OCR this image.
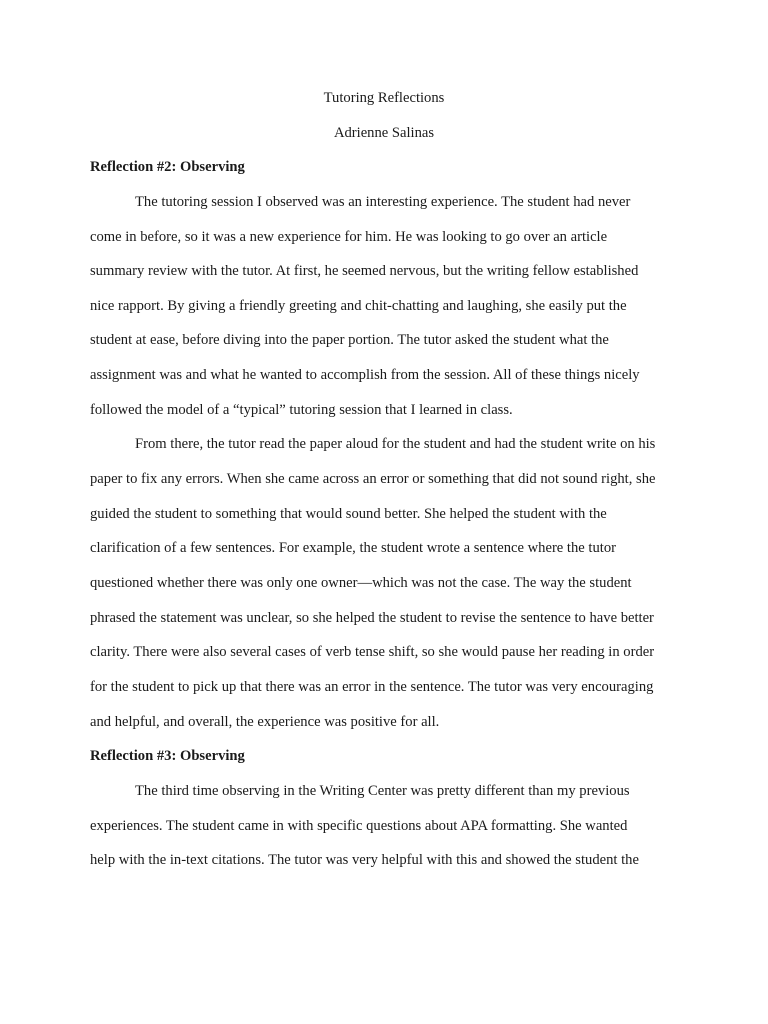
Tutoring Reflections
Adrienne Salinas
Reflection #2: Observing
The tutoring session I observed was an interesting experience. The student had never
come in before, so it was a new experience for him. He was looking to go over an article
summary review with the tutor. At first, he seemed nervous, but the writing fellow established
nice rapport. By giving a friendly greeting and chit-chatting and laughing, she easily put the
student at ease, before diving into the paper portion. The tutor asked the student what the
assignment was and what he wanted to accomplish from the session. All of these things nicely
followed the model of a “typical” tutoring session that I learned in class.
From there, the tutor read the paper aloud for the student and had the student write on his
paper to fix any errors. When she came across an error or something that did not sound right, she
guided the student to something that would sound better. She helped the student with the
clarification of a few sentences. For example, the student wrote a sentence where the tutor
questioned whether there was only one owner—which was not the case. The way the student
phrased the statement was unclear, so she helped the student to revise the sentence to have better
clarity. There were also several cases of verb tense shift, so she would pause her reading in order
for the student to pick up that there was an error in the sentence. The tutor was very encouraging
and helpful, and overall, the experience was positive for all.
Reflection #3: Observing
The third time observing in the Writing Center was pretty different than my previous
experiences. The student came in with specific questions about APA formatting. She wanted
help with the in-text citations. The tutor was very helpful with this and showed the student the
